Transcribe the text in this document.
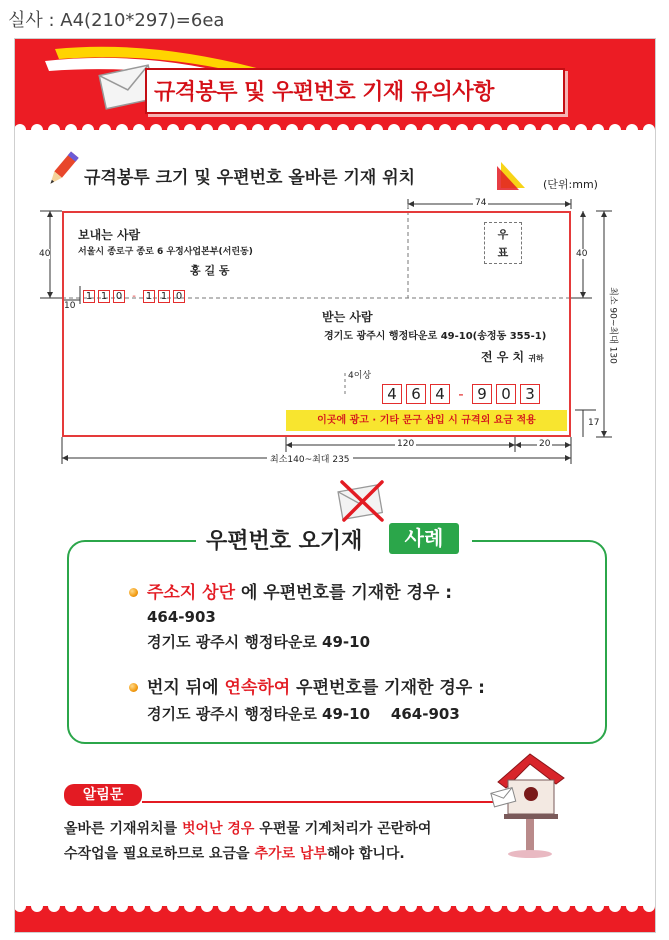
실사 : A4(210*297)=6ea
규격봉투 및 우편번호 기재 유의사항
규격봉투 크기 및 우편번호 올바른 기재 위치	(단위:mm)
74
40	40
10	최소 90~최대 130
17
120	20
최소140~최대 235
보내는 사람
서울시 종로구 종로 6 우정사업본부(서린동)
홍 길 동
1 1 0 - 1 1 0
우
표
받는 사람
경기도 광주시 행정타운로 49-10(송정동 355-1)
전 우 치 귀하
4이상
4 6 4 - 9 0 3
이곳에 광고 · 기타 문구 삽입 시 규격외 요금 적용
우편번호 오기재	사례
주소지 상단 에 우편번호를 기재한 경우 :
464-903
경기도 광주시 행정타운로 49-10
번지 뒤에 연속하여 우편번호를 기재한 경우 :
경기도 광주시 행정타운로 49-10    464-903
알림문
올바른 기재위치를 벗어난 경우 우편물 기계처리가 곤란하여
수작업을 필요로하므로 요금을 추가로 납부해야 합니다.
